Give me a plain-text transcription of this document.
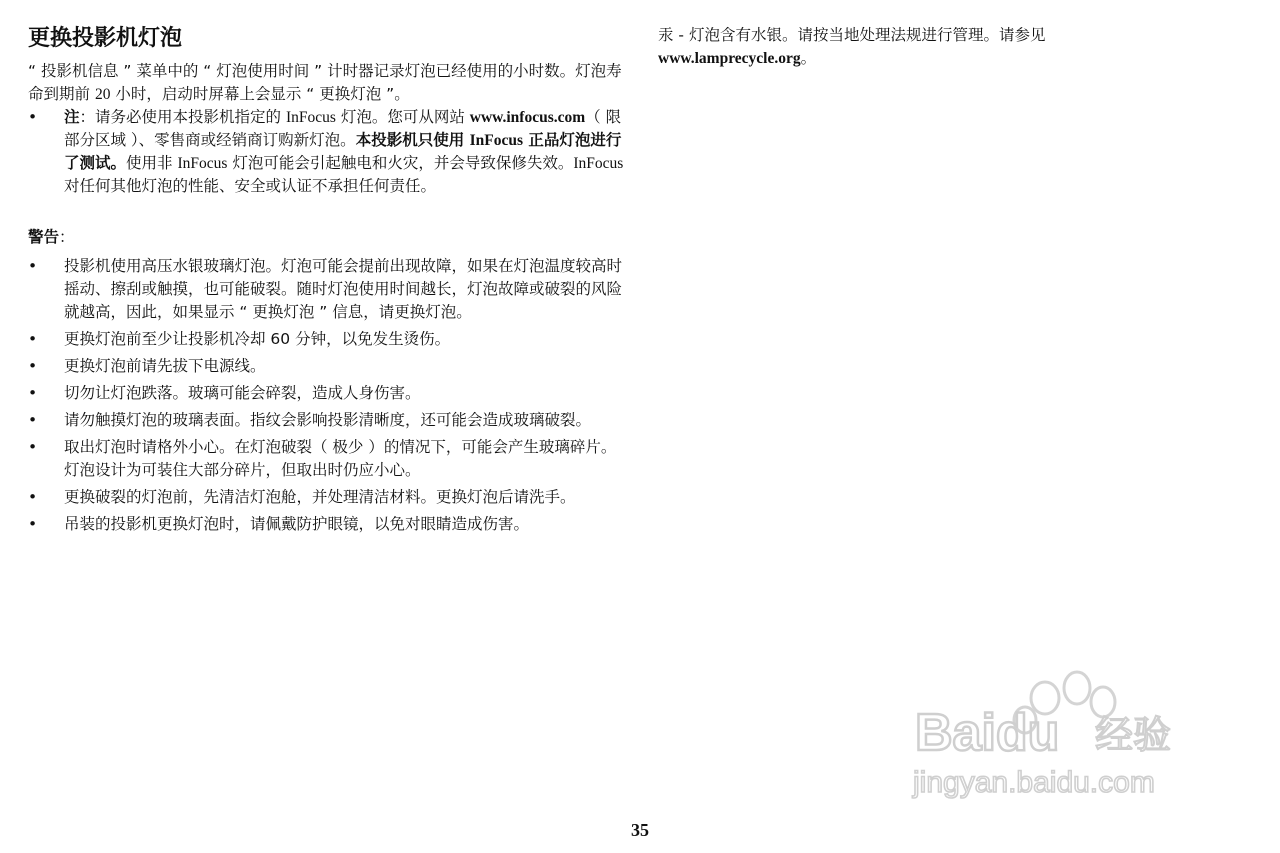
更换投影机灯泡

“ 投影机信息 ” 菜单中的 “ 灯泡使用时间 ” 计时器记录灯泡已经使用的小时数。灯泡寿命到期前 20 小时，启动时屏幕上会显示 “ 更换灯泡 ”。

•	注：请务必使用本投影机指定的 InFocus 灯泡。您可从网站 www.infocus.com（ 限部分区域 ）、零售商或经销商订购新灯泡。本投影机只使用 InFocus 正品灯泡进行了测试。使用非 InFocus 灯泡可能会引起触电和火灾，并会导致保修失效。InFocus 对任何其他灯泡的性能、安全或认证不承担任何责任。
警告：
•	投影机使用高压水银玻璃灯泡。灯泡可能会提前出现故障，如果在灯泡温度较高时摇动、擦刮或触摸，也可能破裂。随时灯泡使用时间越长，灯泡故障或破裂的风险就越高，因此，如果显示 “ 更换灯泡 ” 信息，请更换灯泡。
•	更换灯泡前至少让投影机冷却 60 分钟，以免发生烫伤。
•	更换灯泡前请先拔下电源线。
•	切勿让灯泡跌落。玻璃可能会碎裂，造成人身伤害。
•	请勿触摸灯泡的玻璃表面。指纹会影响投影清晰度，还可能会造成玻璃破裂。
•	取出灯泡时请格外小心。在灯泡破裂（ 极少 ）的情况下，可能会产生玻璃碎片。灯泡设计为可装住大部分碎片，但取出时仍应小心。
•	更换破裂的灯泡前，先清洁灯泡舱，并处理清洁材料。更换灯泡后请洗手。
•	吊装的投影机更换灯泡时，请佩戴防护眼镜，以免对眼睛造成伤害。

汞 - 灯泡含有水银。请按当地处理法规进行管理。请参见
www.lamprecycle.org。

35
Baidu 经验
jingyan.baidu.com
